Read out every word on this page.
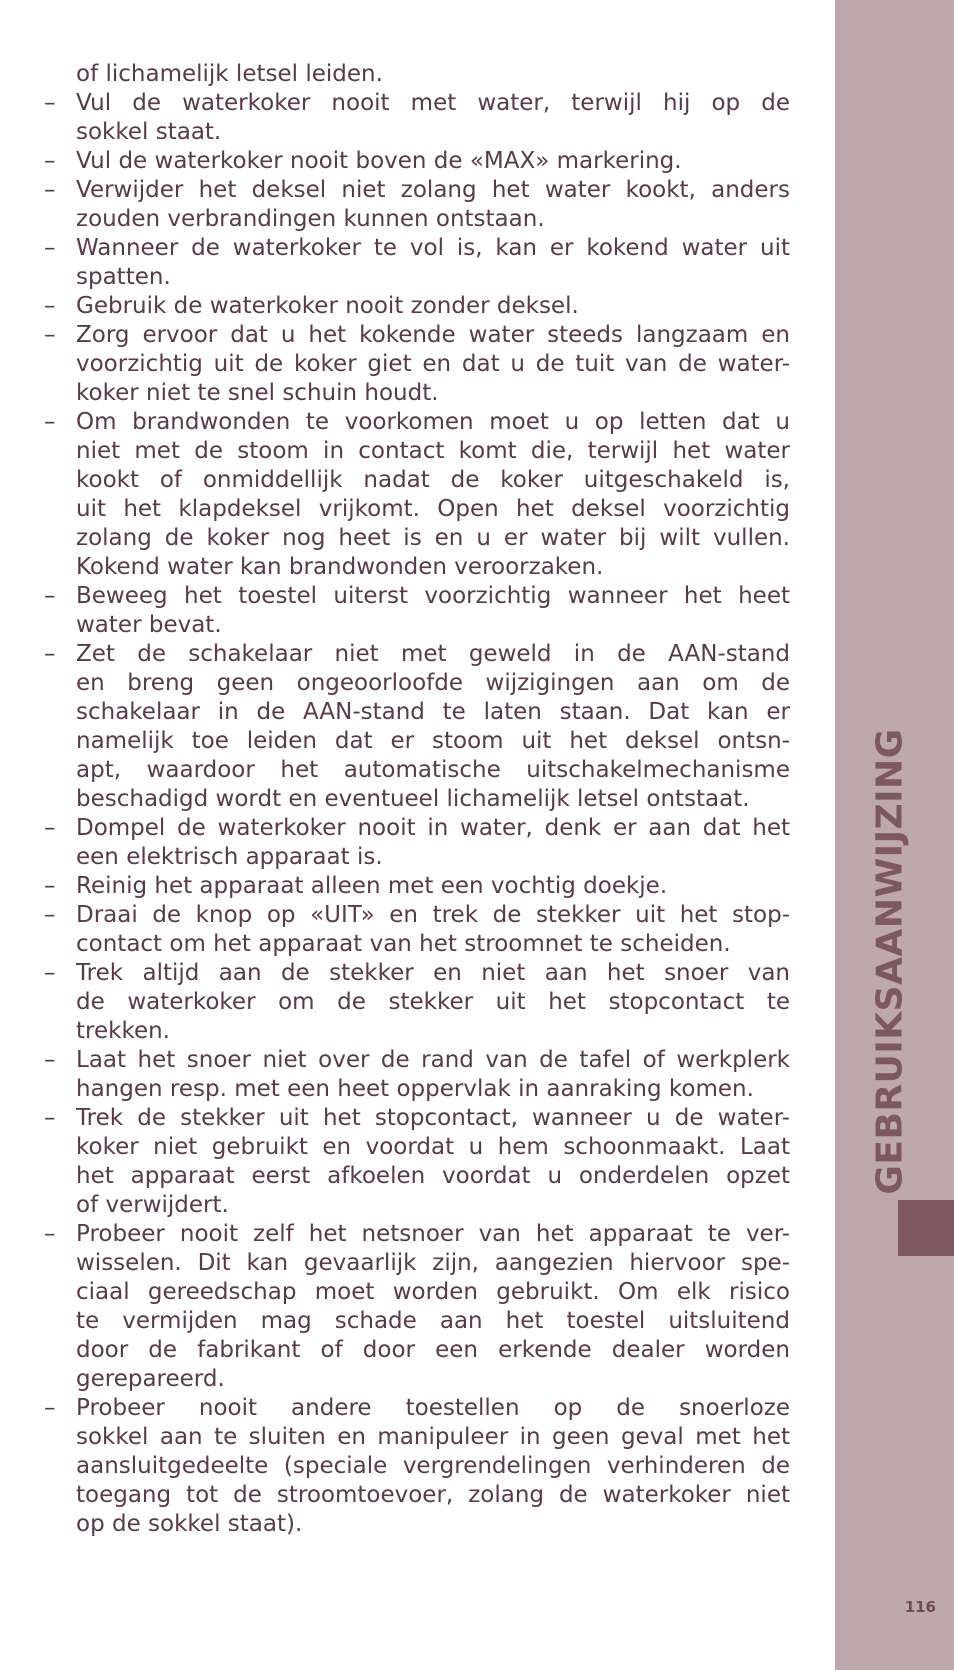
of lichamelijk letsel leiden.
– Vul de waterkoker nooit met water, terwijl hij op de
sokkel staat.
– Vul de waterkoker nooit boven de «MAX» markering.
– Verwijder het deksel niet zolang het water kookt, anders
zouden verbrandingen kunnen ontstaan.
– Wanneer de waterkoker te vol is, kan er kokend water uit
spatten.
– Gebruik de waterkoker nooit zonder deksel.
– Zorg ervoor dat u het kokende water steeds langzaam en
voorzichtig uit de koker giet en dat u de tuit van de water-
koker niet te snel schuin houdt.
– Om brandwonden te voorkomen moet u op letten dat u
niet met de stoom in contact komt die, terwijl het water
kookt of onmiddellijk nadat de koker uitgeschakeld is,
uit het klapdeksel vrijkomt. Open het deksel voorzichtig
zolang de koker nog heet is en u er water bij wilt vullen.
Kokend water kan brandwonden veroorzaken.
– Beweeg het toestel uiterst voorzichtig wanneer het heet
water bevat.
– Zet de schakelaar niet met geweld in de AAN-stand
en breng geen ongeoorloofde wijzigingen aan om de
schakelaar in de AAN-stand te laten staan. Dat kan er
namelijk toe leiden dat er stoom uit het deksel ontsn-
apt, waardoor het automatische uitschakelmechanisme
beschadigd wordt en eventueel lichamelijk letsel ontstaat.
– Dompel de waterkoker nooit in water, denk er aan dat het
een elektrisch apparaat is.
– Reinig het apparaat alleen met een vochtig doekje.
– Draai de knop op «UIT» en trek de stekker uit het stop-
contact om het apparaat van het stroomnet te scheiden.
– Trek altijd aan de stekker en niet aan het snoer van
de waterkoker om de stekker uit het stopcontact te
trekken.
– Laat het snoer niet over de rand van de tafel of werkplerk
hangen resp. met een heet oppervlak in aanraking komen.
– Trek de stekker uit het stopcontact, wanneer u de water-
koker niet gebruikt en voordat u hem schoonmaakt. Laat
het apparaat eerst afkoelen voordat u onderdelen opzet
of verwijdert.
– Probeer nooit zelf het netsnoer van het apparaat te ver-
wisselen. Dit kan gevaarlijk zijn, aangezien hiervoor spe-
ciaal gereedschap moet worden gebruikt. Om elk risico
te vermijden mag schade aan het toestel uitsluitend
door de fabrikant of door een erkende dealer worden
gerepareerd.
– Probeer nooit andere toestellen op de snoerloze
sokkel aan te sluiten en manipuleer in geen geval met het
aansluitgedeelte (speciale vergrendelingen verhinderen de
toegang tot de stroomtoevoer, zolang de waterkoker niet
op de sokkel staat).
GEBRUIKSAANWIJZING
116
